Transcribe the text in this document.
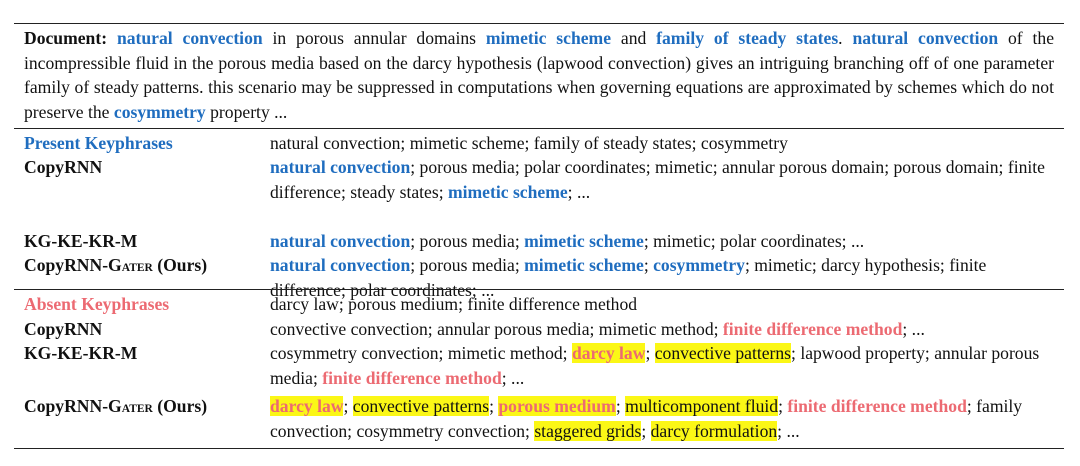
Document: natural convection in porous annular domains mimetic scheme and family of steady states. natural convection of the incompressible fluid in the porous media based on the darcy hypothesis (lapwood convection) gives an intriguing branching off of one parameter family of steady patterns. this scenario may be suppressed in computations when governing equations are approximated by schemes which do not preserve the cosymmetry property ...
Present Keyphrases	natural convection; mimetic scheme; family of steady states; cosymmetry
CopyRNN	natural convection; porous media; polar coordinates; mimetic; annular porous domain; porous domain; finite difference; steady states; mimetic scheme; ...
KG-KE-KR-M	natural convection; porous media; mimetic scheme; mimetic; polar coordinates; ...
CopyRNN-GATER (Ours)	natural convection; porous media; mimetic scheme; cosymmetry; mimetic; darcy hypothesis; finite difference; polar coordinates; ...
Absent Keyphrases	darcy law; porous medium; finite difference method
CopyRNN	convective convection; annular porous media; mimetic method; finite difference method; ...
KG-KE-KR-M	cosymmetry convection; mimetic method; darcy law; convective patterns; lapwood property; annular porous media; finite difference method; ...
CopyRNN-GATER (Ours)	darcy law; convective patterns; porous medium; multicomponent fluid; finite difference method; family convection; cosymmetry convection; staggered grids; darcy formulation; ...
